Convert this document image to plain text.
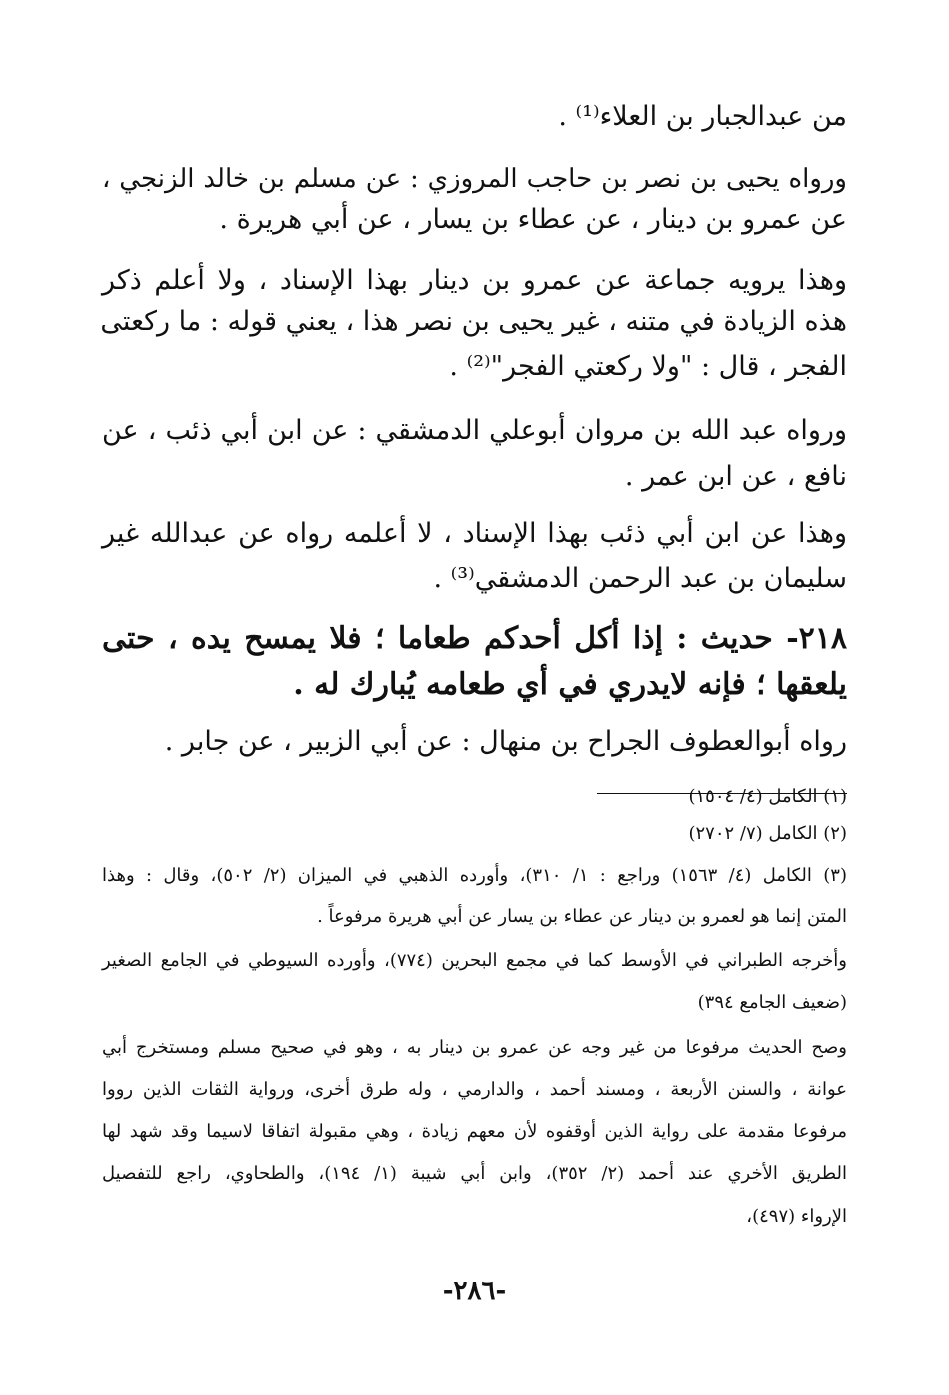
من عبدالجبار بن العلاء⁽¹⁾ .
ورواه يحيى بن نصر بن حاجب المروزي : عن مسلم بن خالد الزنجي ،
عن عمرو بن دينار ، عن عطاء بن يسار ، عن أبي هريرة .
وهذا يرويه جماعة عن عمرو بن دينار بهذا الإسناد ، ولا أعلم ذكر
هذه الزيادة في متنه ، غير يحيى بن نصر هذا ، يعني قوله : ما ركعتى
الفجر ، قال : "ولا ركعتي الفجر"⁽²⁾ .
ورواه عبد الله بن مروان أبوعلي الدمشقي : عن ابن أبي ذئب ، عن
نافع ، عن ابن عمر .
وهذا عن ابن أبي ذئب بهذا الإسناد ، لا أعلمه رواه عن عبدالله غير
سليمان بن عبد الرحمن الدمشقي⁽³⁾ .
٢١٨- حديث : إذا أكل أحدكم طعاما ؛ فلا يمسح يده ، حتى
يلعقها ؛ فإنه لايدري في أي طعامه يُبارك له .
رواه أبوالعطوف الجراح بن منهال : عن أبي الزبير ، عن جابر .
(١) الكامل (٤/ ١٥٠٤)
(٢) الكامل (٧/ ٢٧٠٢)
(٣) الكامل (٤/ ١٥٦٣) وراجع : ١/ ٣١٠)، وأورده الذهبي في الميزان (٢/ ٥٠٢)، وقال : وهذا
المتن إنما هو لعمرو بن دينار عن عطاء بن يسار عن أبي هريرة مرفوعاً .
وأخرجه الطبراني في الأوسط كما في مجمع البحرين (٧٧٤)، وأورده السيوطي في الجامع الصغير
(ضعيف الجامع ٣٩٤)
وصح الحديث مرفوعا من غير وجه عن عمرو بن دينار به ، وهو في صحيح مسلم ومستخرج أبي
عوانة ، والسنن الأربعة ، ومسند أحمد ، والدارمي ، وله طرق أخرى، ورواية الثقات الذين رووا
مرفوعا مقدمة على رواية الذين أوقفوه لأن معهم زيادة ، وهي مقبولة اتفاقا لاسيما وقد شهد لها
الطريق الأخري عند أحمد (٢/ ٣٥٢)، وابن أبي شيبة (١/ ١٩٤)، والطحاوي، راجع للتفصيل
الإرواء (٤٩٧)،
-٢٨٦-
